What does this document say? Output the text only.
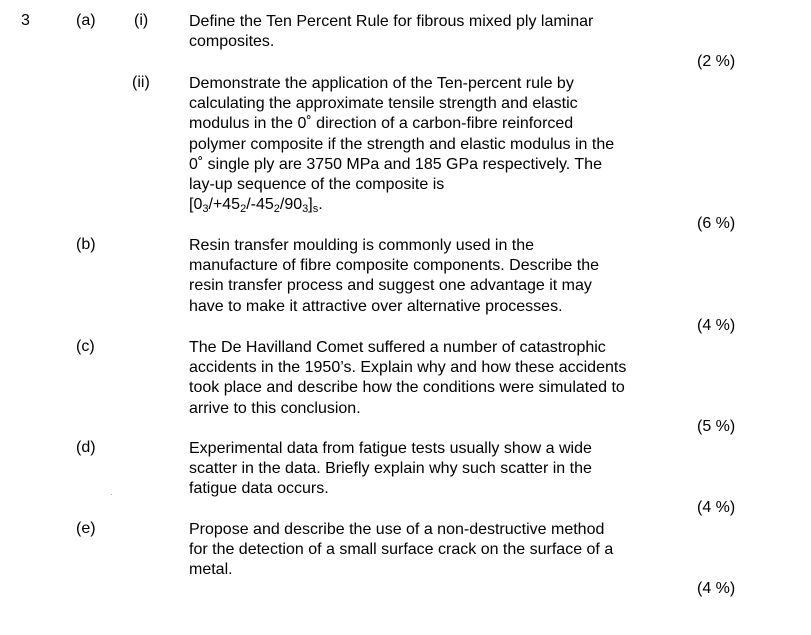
3	(a) (i)	Define the Ten Percent Rule for fibrous mixed ply laminar
composites.
(2 %)
(ii) Demonstrate the application of the Ten-percent rule by
calculating the approximate tensile strength and elastic
modulus in the 0˚ direction of a carbon-fibre reinforced
polymer composite if the strength and elastic modulus in the
0˚ single ply are 3750 MPa and 185 GPa respectively. The
lay-up sequence of the composite is
$[0_3/+45_2/-45_2/90_3]_s$.
(6 %)
(b)	Resin transfer moulding is commonly used in the
manufacture of fibre composite components. Describe the
resin transfer process and suggest one advantage it may
have to make it attractive over alternative processes.
(4 %)
(c)	The De Havilland Comet suffered a number of catastrophic
accidents in the 1950’s. Explain why and how these accidents
took place and describe how the conditions were simulated to
arrive to this conclusion.
(5 %)
(d)	Experimental data from fatigue tests usually show a wide
scatter in the data. Briefly explain why such scatter in the
fatigue data occurs.
(4 %)
(e)	Propose and describe the use of a non-destructive method
for the detection of a small surface crack on the surface of a
metal.
(4 %)
